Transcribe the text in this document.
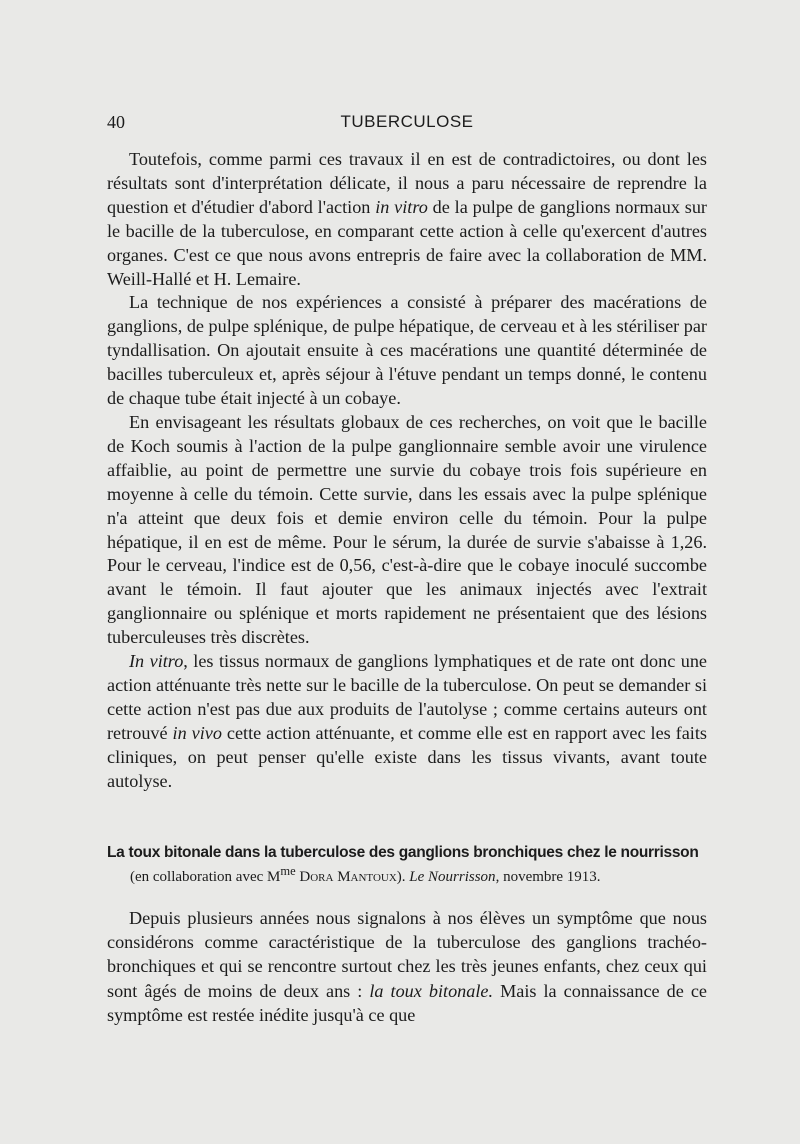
40	TUBERCULOSE

Toutefois, comme parmi ces travaux il en est de contradictoires, ou dont les résultats sont d'interprétation délicate, il nous a paru nécessaire de reprendre la question et d'étudier d'abord l'action in vitro de la pulpe de ganglions normaux sur le bacille de la tuberculose, en comparant cette action à celle qu'exercent d'autres organes. C'est ce que nous avons entrepris de faire avec la collaboration de MM. Weill-Hallé et H. Lemaire.

La technique de nos expériences a consisté à préparer des macérations de ganglions, de pulpe splénique, de pulpe hépatique, de cerveau et à les stériliser par tyndallisation. On ajoutait ensuite à ces macérations une quantité déterminée de bacilles tuberculeux et, après séjour à l'étuve pendant un temps donné, le contenu de chaque tube était injecté à un cobaye.

En envisageant les résultats globaux de ces recherches, on voit que le bacille de Koch soumis à l'action de la pulpe ganglionnaire semble avoir une virulence affaiblie, au point de permettre une survie du cobaye trois fois supérieure en moyenne à celle du témoin. Cette survie, dans les essais avec la pulpe splénique n'a atteint que deux fois et demie environ celle du témoin. Pour la pulpe hépatique, il en est de même. Pour le sérum, la durée de survie s'abaisse à 1,26. Pour le cerveau, l'indice est de 0,56, c'est-à-dire que le cobaye inoculé succombe avant le témoin. Il faut ajouter que les animaux injectés avec l'extrait ganglionnaire ou splénique et morts rapidement ne présentaient que des lésions tuberculeuses très discrètes.

In vitro, les tissus normaux de ganglions lymphatiques et de rate ont donc une action atténuante très nette sur le bacille de la tuberculose. On peut se demander si cette action n'est pas due aux produits de l'autolyse ; comme certains auteurs ont retrouvé in vivo cette action atténuante, et comme elle est en rapport avec les faits cliniques, on peut penser qu'elle existe dans les tissus vivants, avant toute autolyse.

La toux bitonale dans la tuberculose des ganglions bronchiques chez le nourrisson
(en collaboration avec $M^{me}$ Dora Mantoux). Le Nourrisson, novembre 1913.

Depuis plusieurs années nous signalons à nos élèves un symptôme que nous considérons comme caractéristique de la tuberculose des ganglions trachéo-bronchiques et qui se rencontre surtout chez les très jeunes enfants, chez ceux qui sont âgés de moins de deux ans : la toux bitonale. Mais la connaissance de ce symptôme est restée inédite jusqu'à ce que
